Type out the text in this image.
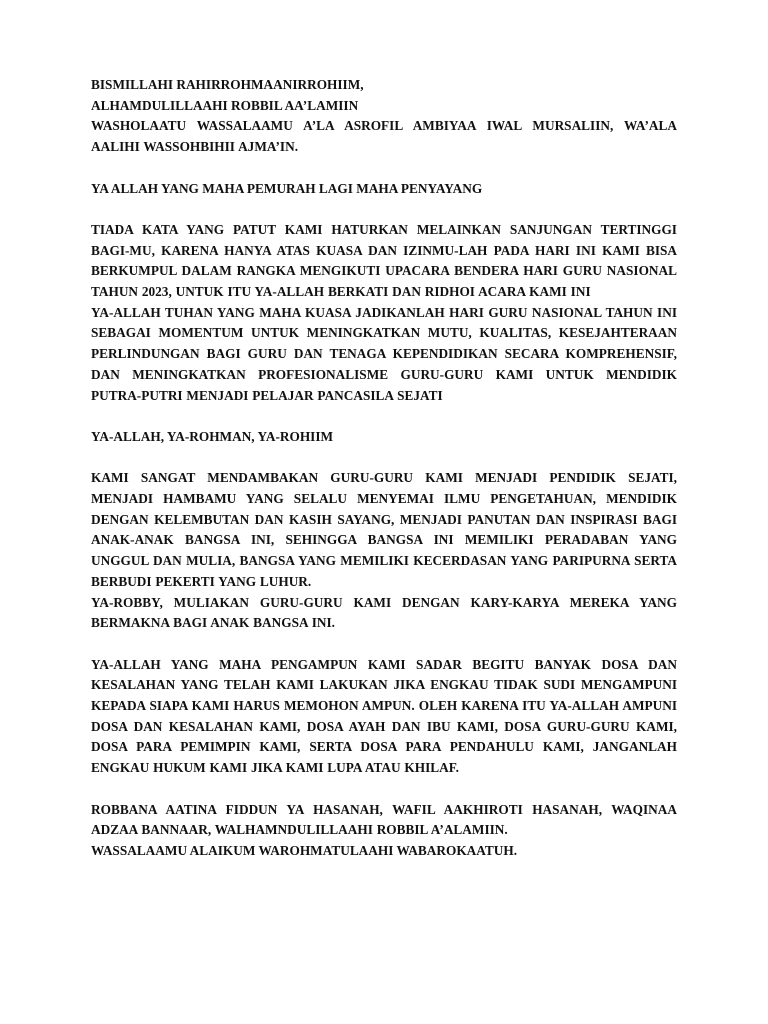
BISMILLAHI RAHIRROHMAANIRROHIIM,
ALHAMDULILLAAHI ROBBIL AA’LAMIIN

WASHOLAATU WASSALAAMU A’LA ASROFIL AMBIYAA IWAL MURSALIIN, WA’ALA AALIHI WASSOHBIHII AJMA’IN.

YA ALLAH YANG MAHA PEMURAH LAGI MAHA PENYAYANG

TIADA KATA YANG PATUT KAMI HATURKAN MELAINKAN SANJUNGAN TERTINGGI BAGI-MU, KARENA HANYA ATAS KUASA DAN IZINMU-LAH PADA HARI INI KAMI BISA BERKUMPUL DALAM RANGKA MENGIKUTI UPACARA BENDERA HARI GURU NASIONAL TAHUN 2023, UNTUK ITU YA-ALLAH BERKATI DAN RIDHOI ACARA KAMI INI

YA-ALLAH TUHAN YANG MAHA KUASA JADIKANLAH HARI GURU NASIONAL TAHUN INI SEBAGAI MOMENTUM UNTUK MENINGKATKAN MUTU, KUALITAS, KESEJAHTERAAN PERLINDUNGAN BAGI GURU DAN TENAGA KEPENDIDIKAN SECARA KOMPREHENSIF, DAN MENINGKATKAN PROFESIONALISME GURU-GURU KAMI UNTUK MENDIDIK PUTRA-PUTRI MENJADI PELAJAR PANCASILA SEJATI

YA-ALLAH, YA-ROHMAN, YA-ROHIIM

KAMI SANGAT MENDAMBAKAN GURU-GURU KAMI MENJADI PENDIDIK SEJATI, MENJADI HAMBAMU YANG SELALU MENYEMAI ILMU PENGETAHUAN, MENDIDIK DENGAN KELEMBUTAN DAN KASIH SAYANG, MENJADI PANUTAN DAN INSPIRASI BAGI ANAK-ANAK BANGSA INI, SEHINGGA BANGSA INI MEMILIKI PERADABAN YANG UNGGUL DAN MULIA, BANGSA YANG MEMILIKI KECERDASAN YANG PARIPURNA SERTA BERBUDI PEKERTI YANG LUHUR.

YA-ROBBY, MULIAKAN GURU-GURU KAMI DENGAN KARY-KARYA MEREKA YANG BERMAKNA BAGI ANAK BANGSA INI.

YA-ALLAH YANG MAHA PENGAMPUN KAMI SADAR BEGITU BANYAK DOSA DAN KESALAHAN YANG TELAH KAMI LAKUKAN JIKA ENGKAU TIDAK SUDI MENGAMPUNI KEPADA SIAPA KAMI HARUS MEMOHON AMPUN. OLEH KARENA ITU YA-ALLAH AMPUNI DOSA DAN KESALAHAN KAMI, DOSA AYAH DAN IBU KAMI, DOSA GURU-GURU KAMI, DOSA PARA PEMIMPIN KAMI, SERTA DOSA PARA PENDAHULU KAMI, JANGANLAH ENGKAU HUKUM KAMI JIKA KAMI LUPA ATAU KHILAF.

ROBBANA AATINA FIDDUN YA HASANAH, WAFIL AAKHIROTI HASANAH, WAQINAA ADZAA BANNAAR, WALHAMNDULILLAAHI ROBBIL A’ALAMIIN.

WASSALAAMU ALAIKUM WAROHMATULAAHI WABAROKAATUH.
